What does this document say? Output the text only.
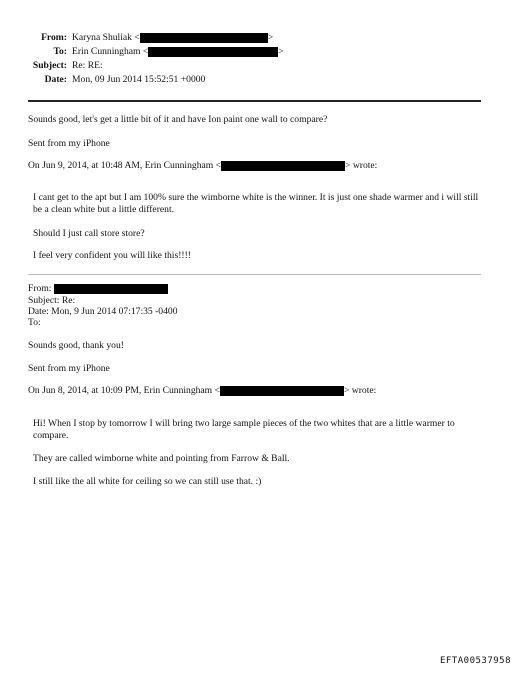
From: Karyna Shuliak <	>
To: Erin Cunningham <	>
Subject: Re: RE:
Date: Mon, 09 Jun 2014 15:52:51 +0000
Sounds good, let's get a little bit of it and have Ion paint one wall to compare?
Sent from my iPhone
On Jun 9, 2014, at 10:48 AM, Erin Cunningham <	> wrote:
I cant get to the apt but I am 100% sure the wimborne white is the winner. It is just one shade warmer and i will still be a clean white but a little different.
Should I just call store store?
I feel very confident you will like this!!!!
From:
Subject: Re:
Date: Mon, 9 Jun 2014 07:17:35 -0400
To:
Sounds good, thank you!
Sent from my iPhone
On Jun 8, 2014, at 10:09 PM, Erin Cunningham <	> wrote:
Hi! When I stop by tomorrow I will bring two large sample pieces of the two whites that are a little warmer to compare.
They are called wimborne white and pointing from Farrow & Ball.
I still like the all white for ceiling so we can still use that. :)
EFTA00537958
